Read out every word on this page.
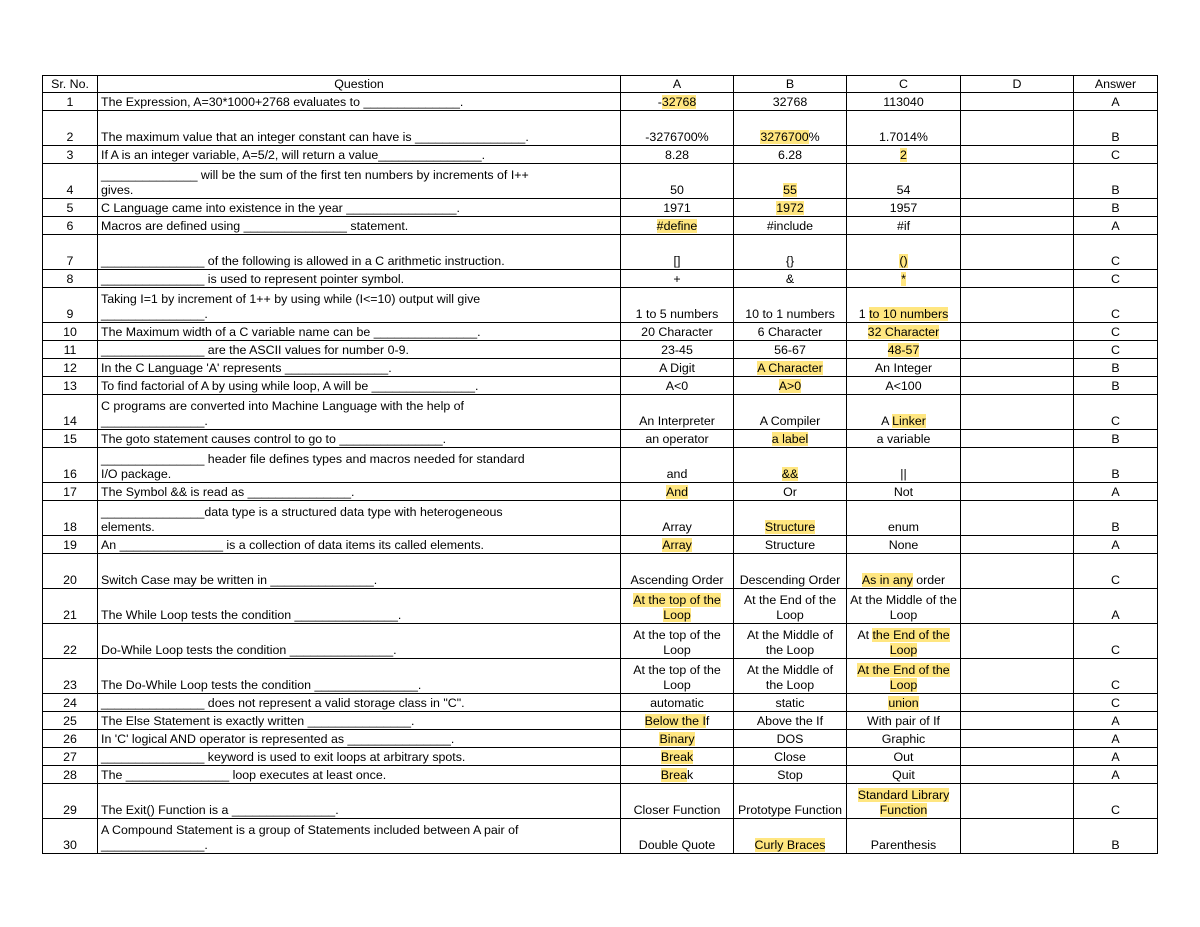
Sr. No.	Question	A	B	C	D	Answer
1	The Expression, A=30*1000+2768 evaluates to ______________.	-32768	32768	113040		A
2	The maximum value that an integer constant can have is ________________.	-3276700%	3276700%	1.7014%		B
3	If A is an integer variable, A=5/2, will return a value_______________.	8.28	6.28	2		C
4	______________ will be the sum of the first ten numbers by increments of I++
gives.	50	55	54		B
5	C Language came into existence in the year ________________.	1971	1972	1957		B
6	Macros are defined using _______________ statement.	#define	#include	#if		A
7	_______________ of the following is allowed in a C arithmetic instruction.	[]	{}	()		C
8	_______________ is used to represent pointer symbol.	+	&	*		C
9	Taking I=1 by increment of 1++ by using while (I<=10) output will give
_______________.	1 to 5 numbers	10 to 1 numbers	1 to 10 numbers		C
10	The Maximum width of a C variable name can be _______________.	20 Character	6 Character	32 Character		C
11	_______________ are the ASCII values for number 0-9.	23-45	56-67	48-57		C
12	In the C Language 'A' represents _______________.	A Digit	A Character	An Integer		B
13	To find factorial of A by using while loop, A will be _______________.	A<0	A>0	A<100		B
14	C programs are converted into Machine Language with the help of
_______________.	An Interpreter	A Compiler	A Linker		C
15	The goto statement causes control to go to _______________.	an operator	a label	a variable		B
16	_______________ header file defines types and macros needed for standard
I/O package.	and	&&	||		B
17	The Symbol && is read as _______________.	And	Or	Not		A
18	_______________data type is a structured data type with heterogeneous
elements.	Array	Structure	enum		B
19	An _______________ is a collection of data items its called elements.	Array	Structure	None		A
20	Switch Case may be written in _______________.	Ascending Order	Descending Order	As in any order		C
21	The While Loop tests the condition _______________.	At the top of the Loop	At the End of the Loop	At the Middle of the Loop		A
22	Do-While Loop tests the condition _______________.	At the top of the Loop	At the Middle of the Loop	At the End of the Loop		C
23	The Do-While Loop tests the condition _______________.	At the top of the Loop	At the Middle of the Loop	At the End of the Loop		C
24	_______________ does not represent a valid storage class in "C".	automatic	static	union		C
25	The Else Statement is exactly written _______________.	Below the If	Above the If	With pair of If		A
26	In 'C' logical AND operator is represented as _______________.	Binary	DOS	Graphic		A
27	_______________ keyword is used to exit loops at arbitrary spots.	Break	Close	Out		A
28	The _______________ loop executes at least once.	Break	Stop	Quit		A
29	The Exit() Function is a _______________.	Closer Function	Prototype Function	Standard Library Function		C
30	A Compound Statement is a group of Statements included between A pair of
_______________.	Double Quote	Curly Braces	Parenthesis		B
